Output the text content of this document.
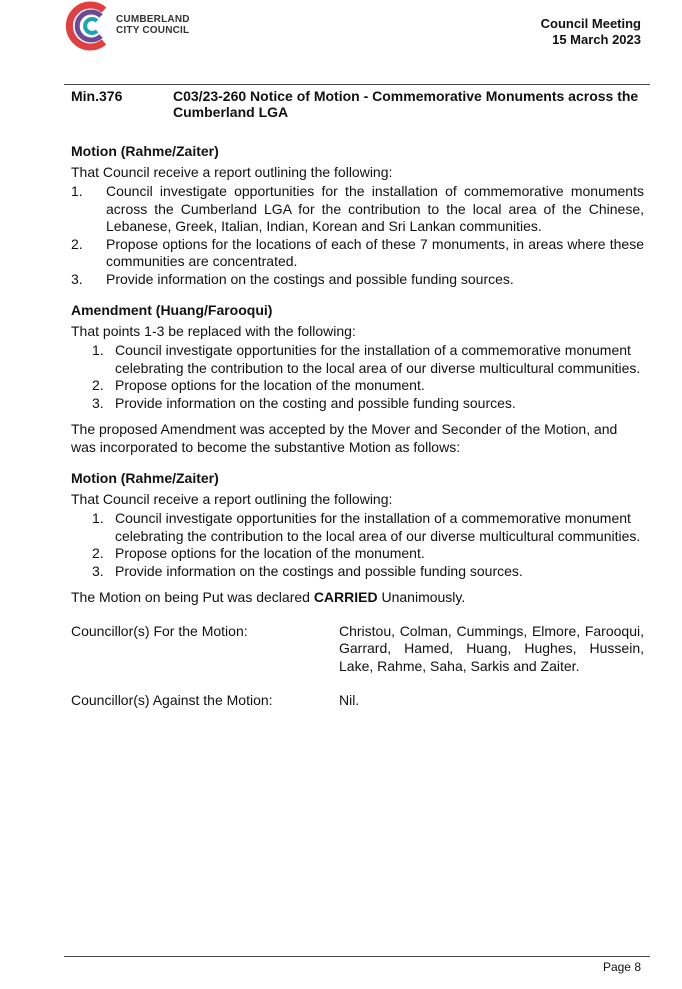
CUMBERLAND
CITY COUNCIL	Council Meeting
15 March 2023
Min.376	C03/23-260 Notice of Motion - Commemorative Monuments across the Cumberland LGA

Motion (Rahme/Zaiter)

That Council receive a report outlining the following:

1.	Council investigate opportunities for the installation of commemorative monuments across the Cumberland LGA for the contribution to the local area of the Chinese, Lebanese, Greek, Italian, Indian, Korean and Sri Lankan communities.
2.	Propose options for the locations of each of these 7 monuments, in areas where these communities are concentrated.
3.	Provide information on the costings and possible funding sources.

Amendment (Huang/Farooqui)

That points 1-3 be replaced with the following:

1. Council investigate opportunities for the installation of a commemorative monument celebrating the contribution to the local area of our diverse multicultural communities.
2. Propose options for the location of the monument.
3. Provide information on the costing and possible funding sources.

The proposed Amendment was accepted by the Mover and Seconder of the Motion, and was incorporated to become the substantive Motion as follows:

Motion (Rahme/Zaiter)

That Council receive a report outlining the following:

1. Council investigate opportunities for the installation of a commemorative monument celebrating the contribution to the local area of our diverse multicultural communities.
2. Propose options for the location of the monument.
3. Provide information on the costings and possible funding sources.

The Motion on being Put was declared CARRIED Unanimously.

Councillor(s) For the Motion:	Christou, Colman, Cummings, Elmore, Farooqui, Garrard, Hamed, Huang, Hughes, Hussein, Lake, Rahme, Saha, Sarkis and Zaiter.
Councillor(s) Against the Motion:	Nil.
Page 8
